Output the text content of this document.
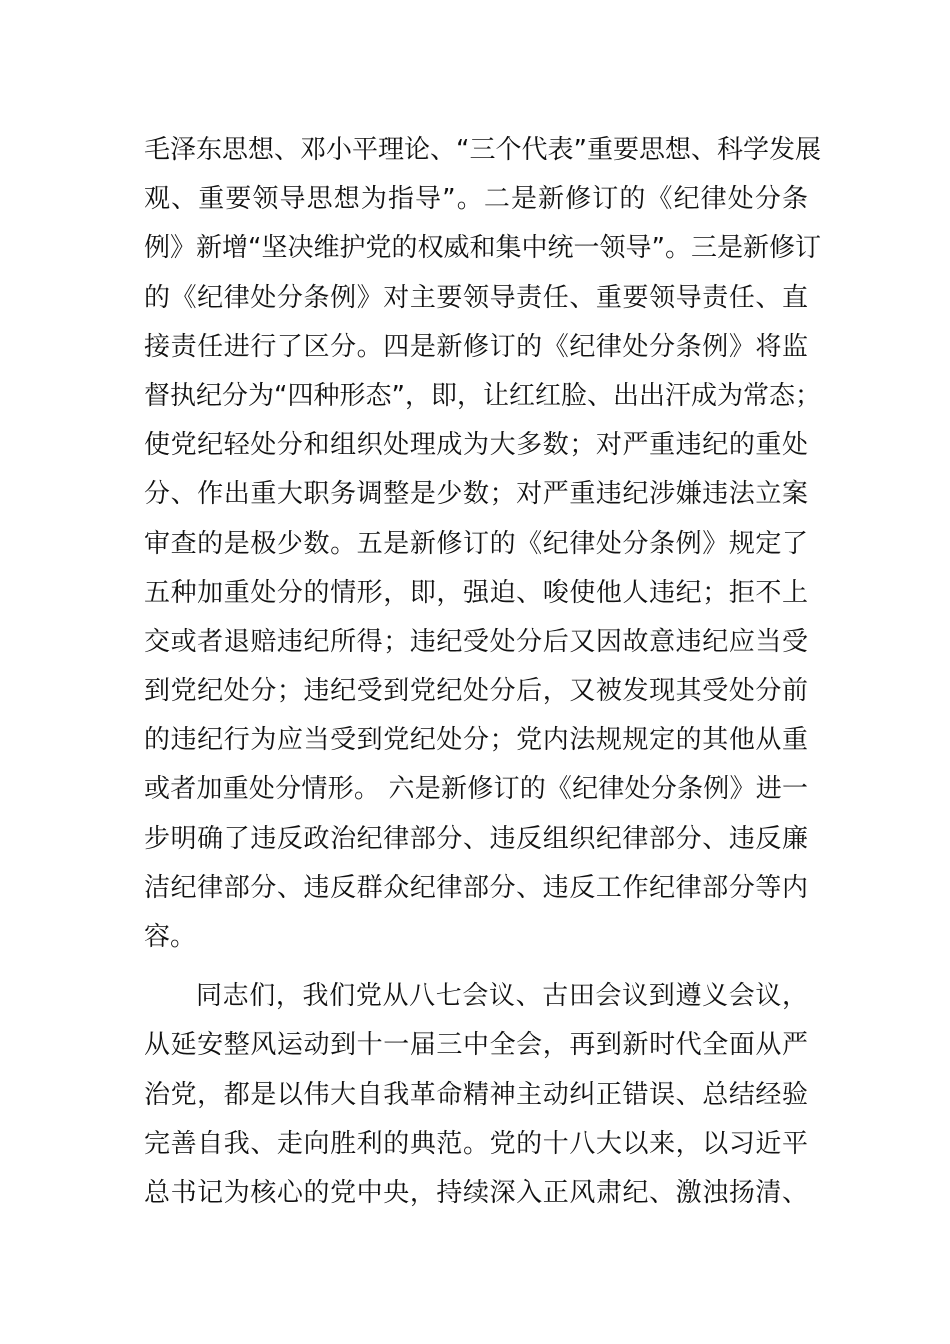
毛泽东思想、邓小平理论、“三个代表”重要思想、科学发展
观、重要领导思想为指导”。二是新修订的《纪律处分条
例》新增“坚决维护党的权威和集中统一领导”。三是新修订
的《纪律处分条例》对主要领导责任、重要领导责任、直
接责任进行了区分。四是新修订的《纪律处分条例》将监
督执纪分为“四种形态”，即，让红红脸、出出汗成为常态；
使党纪轻处分和组织处理成为大多数；对严重违纪的重处
分、作出重大职务调整是少数；对严重违纪涉嫌违法立案
审查的是极少数。五是新修订的《纪律处分条例》规定了
五种加重处分的情形，即，强迫、唆使他人违纪；拒不上
交或者退赔违纪所得；违纪受处分后又因故意违纪应当受
到党纪处分；违纪受到党纪处分后，又被发现其受处分前
的违纪行为应当受到党纪处分；党内法规规定的其他从重
或者加重处分情形。 六是新修订的《纪律处分条例》进一
步明确了违反政治纪律部分、违反组织纪律部分、违反廉
洁纪律部分、违反群众纪律部分、违反工作纪律部分等内
容。
同志们，我们党从八七会议、古田会议到遵义会议，
从延安整风运动到十一届三中全会，再到新时代全面从严
治党，都是以伟大自我革命精神主动纠正错误、总结经验
完善自我、走向胜利的典范。党的十八大以来，以习近平
总书记为核心的党中央，持续深入正风肃纪、激浊扬清、
